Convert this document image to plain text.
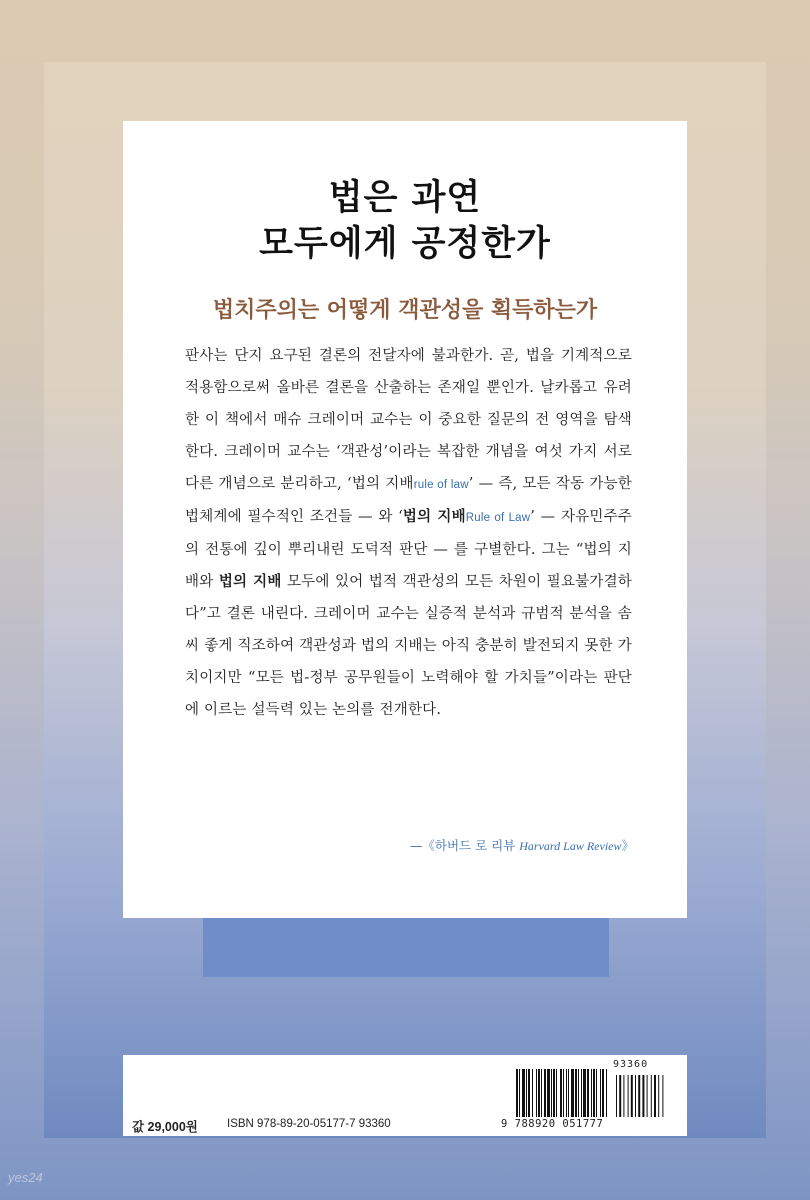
법은 과연
모두에게 공정한가
법치주의는 어떻게 객관성을 획득하는가
판사는 단지 요구된 결론의 전달자에 불과한가. 곧, 법을 기계적으로 적용함으로써 올바른 결론을 산출하는 존재일 뿐인가. 날카롭고 유려한 이 책에서 매슈 크레이머 교수는 이 중요한 질문의 전 영역을 탐색한다. 크레이머 교수는 ‘객관성’이라는 복잡한 개념을 여섯 가지 서로 다른 개념으로 분리하고, ‘법의 지배rule of law’ — 즉, 모든 작동 가능한 법체계에 필수적인 조건들 — 와 ‘법의 지배Rule of Law’ — 자유민주주의 전통에 깊이 뿌리내린 도덕적 판단 — 를 구별한다. 그는 “법의 지배와 법의 지배 모두에 있어 법적 객관성의 모든 차원이 필요불가결하다”고 결론 내린다. 크레이머 교수는 실증적 분석과 규범적 분석을 솜씨 좋게 직조하여 객관성과 법의 지배는 아직 충분히 발전되지 못한 가치이지만 “모든 법-정부 공무원들이 노력해야 할 가치들”이라는 판단에 이르는 설득력 있는 논의를 전개한다.
—《하버드 로 리뷰 Harvard Law Review》
값 29,000원	ISBN 978-89-20-05177-7 93360
93360
9 788920 051777
yes24
